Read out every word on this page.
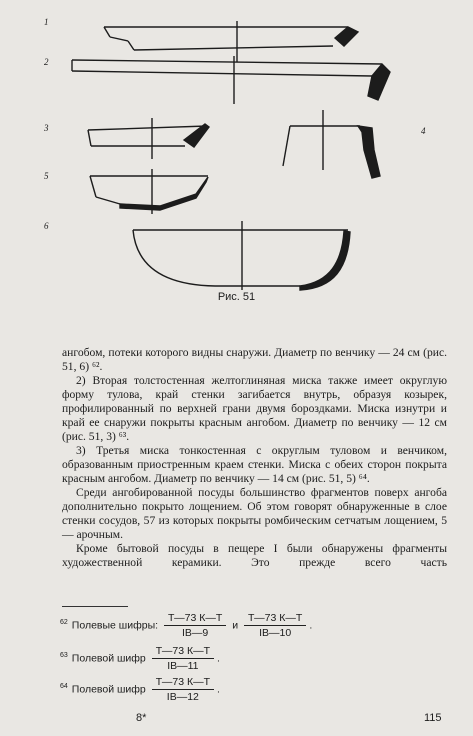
1
2
3	4
5
6
Рис. 51

ангобом, потеки которого видны снаружи. Диаметр по венчику — 24 см (рис. 51, 6) ⁶².

2) Вторая толстостенная желтоглиняная миска также имеет округлую форму тулова, край стенки загибается внутрь, образуя козырек, профилированный по верхней грани двумя бороздками. Миска изнутри и край ее снаружи покрыты красным ангобом. Диаметр по венчику — 12 см (рис. 51, 3) ⁶³.

3) Третья миска тонкостенная с округлым туловом и венчиком, образованным приостренным краем стенки. Миска с обеих сторон покрыта красным ангобом. Диаметр по венчику — 14 см (рис. 51, 5) ⁶⁴.

Среди ангобированной посуды большинство фрагментов поверх ангоба дополнительно покрыто лощением. Об этом говорят обнаруженные в слое стенки сосудов, 57 из которых покрыты ромбическим сетчатым лощением, 5 — арочным.

Кроме бытовой посуды в пещере I были обнаружены фрагменты художественной керамики. Это прежде всего часть

$^{62}$ Полевые шифры: $\frac{Т—73 К—Т}{IB—9}$ и $\frac{Т—73 К—Т}{IB—10}$ .
$^{63}$ Полевой шифр $\frac{Т—73 К—Т}{IB—11}$ .
$^{64}$ Полевой шифр $\frac{Т—73 К—Т}{IB—12}$ .
8*	115
